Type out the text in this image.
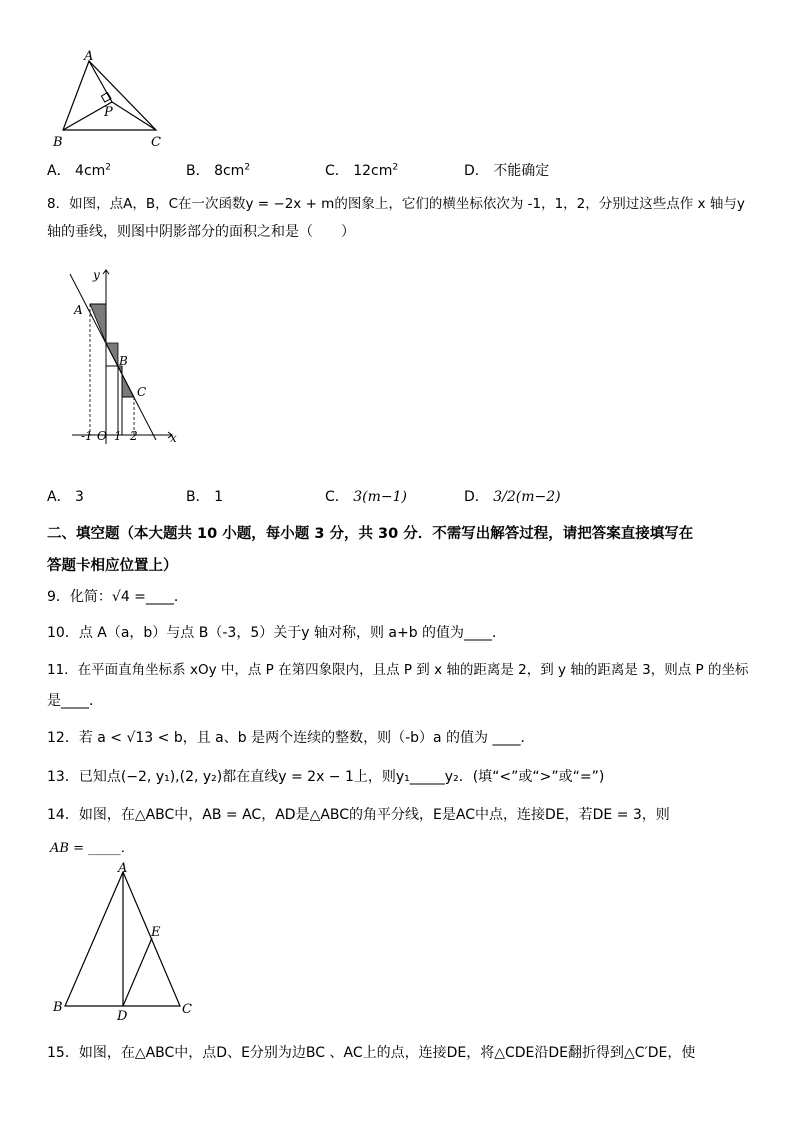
A
B	C
P
A． $4cm^2$	B． $8cm^2$	C． $12cm^2$	D． 不能确定
8．如图，点A，B，C在一次函数y = −2x + m的图象上，它们的横坐标依次为 -1，1，2，分别过这些点作 x 轴与y
轴的垂线，则图中阴影部分的面积之和是（　　）
y
x
A
B
C
-1 O 1 2
A． 3	B． 1	C． 3(m−1)	D． 3/2(m−2)
二、填空题（本大题共 10 小题，每小题 3 分，共 30 分．不需写出解答过程，请把答案直接填写在
答题卡相应位置上）
9．化简：√4 =____．
10．点 A（a，b）与点 B（-3，5）关于y 轴对称，则 a+b 的值为____．
11．在平面直角坐标系 xOy 中，点 P 在第四象限内，且点 P 到 x 轴的距离是 2，到 y 轴的距离是 3，则点 P 的坐标
是____．
12．若 a < √13 < b，且 a、b 是两个连续的整数，则（-b）a 的值为 ____．
13．已知点(−2, y₁),(2, y₂)都在直线y = 2x − 1上，则y₁_____y₂．(填“<”或“>”或“=”)
14．如图，在△ABC中，AB = AC，AD是△ABC的角平分线，E是AC中点，连接DE，若DE = 3，则
AB = _____．
A
B	C
D
E
15．如图，在△ABC中，点D、E分别为边BC 、AC上的点，连接DE，将△CDE沿DE翻折得到△C′DE，使
